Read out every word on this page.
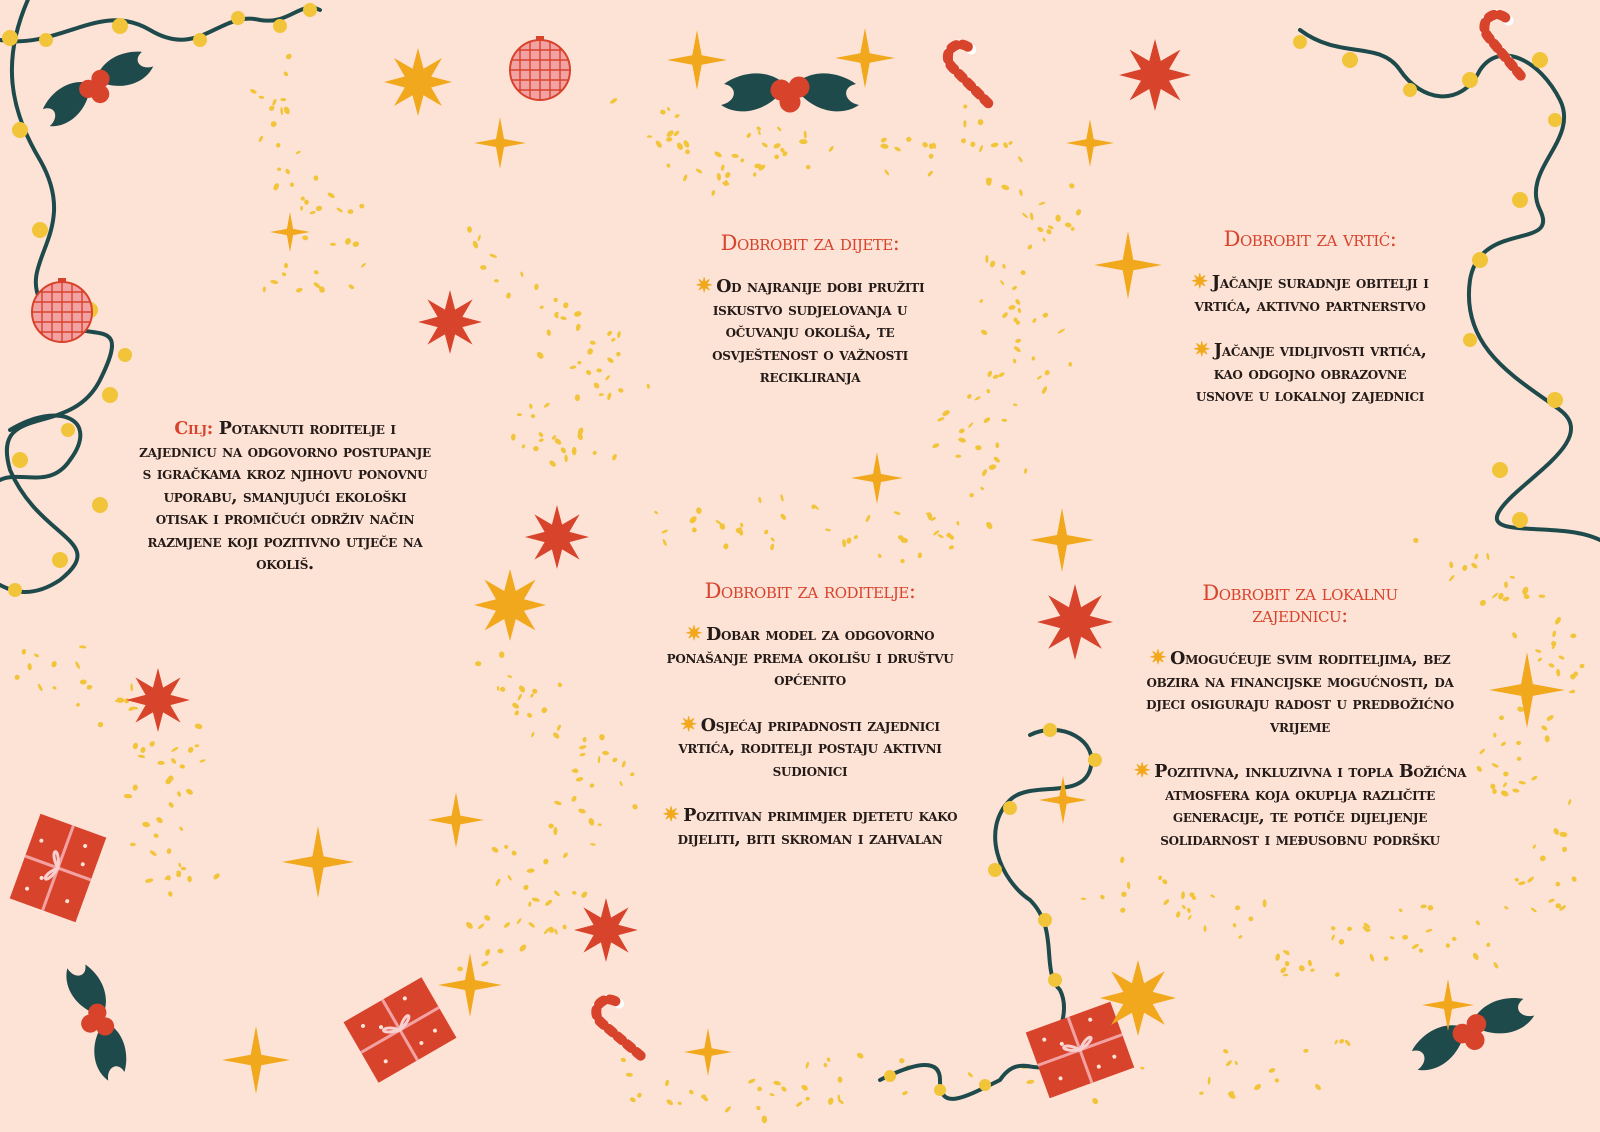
Cilj: Potaknuti roditelje i zajednicu na odgovorno postupanje s igračkama kroz njihovu ponovnu uporabu, smanjujući ekološki otisak i promičući održiv način razmjene koji pozitivno utječe na okoliš.
Dobrobit za dijete:
✷ Od najranije dobi pružiti iskustvo sudjelovanja u očuvanju okoliša, te osvještenost o važnosti recikliranja
Dobrobit za roditelje:
✷ Dobar model za odgovorno ponašanje prema okolišu i društvu općenito
✷ Osjećaj pripadnosti zajednici vrtića, roditelji postaju aktivni sudionici
✷ Pozitivan primimjer djetetu kako dijeliti, biti skroman i zahvalan
Dobrobit za vrtić:
✷ Jačanje suradnje obitelji i vrtića, aktivno partnerstvo
✷ Jačanje vidljivosti vrtića, kao odgojno obrazovne usnove u lokalnoj zajednici
Dobrobit za lokalnu zajednicu:
✷ Omogućeuje svim roditeljima, bez obzira na financijske mogućnosti, da djeci osiguraju radost u predbožićno vrijeme
✷ Pozitivna, inkluzivna i topla Božićna atmosfera koja okuplja različite generacije, te potiče dijeljenje solidarnost i međusobnu podršku
